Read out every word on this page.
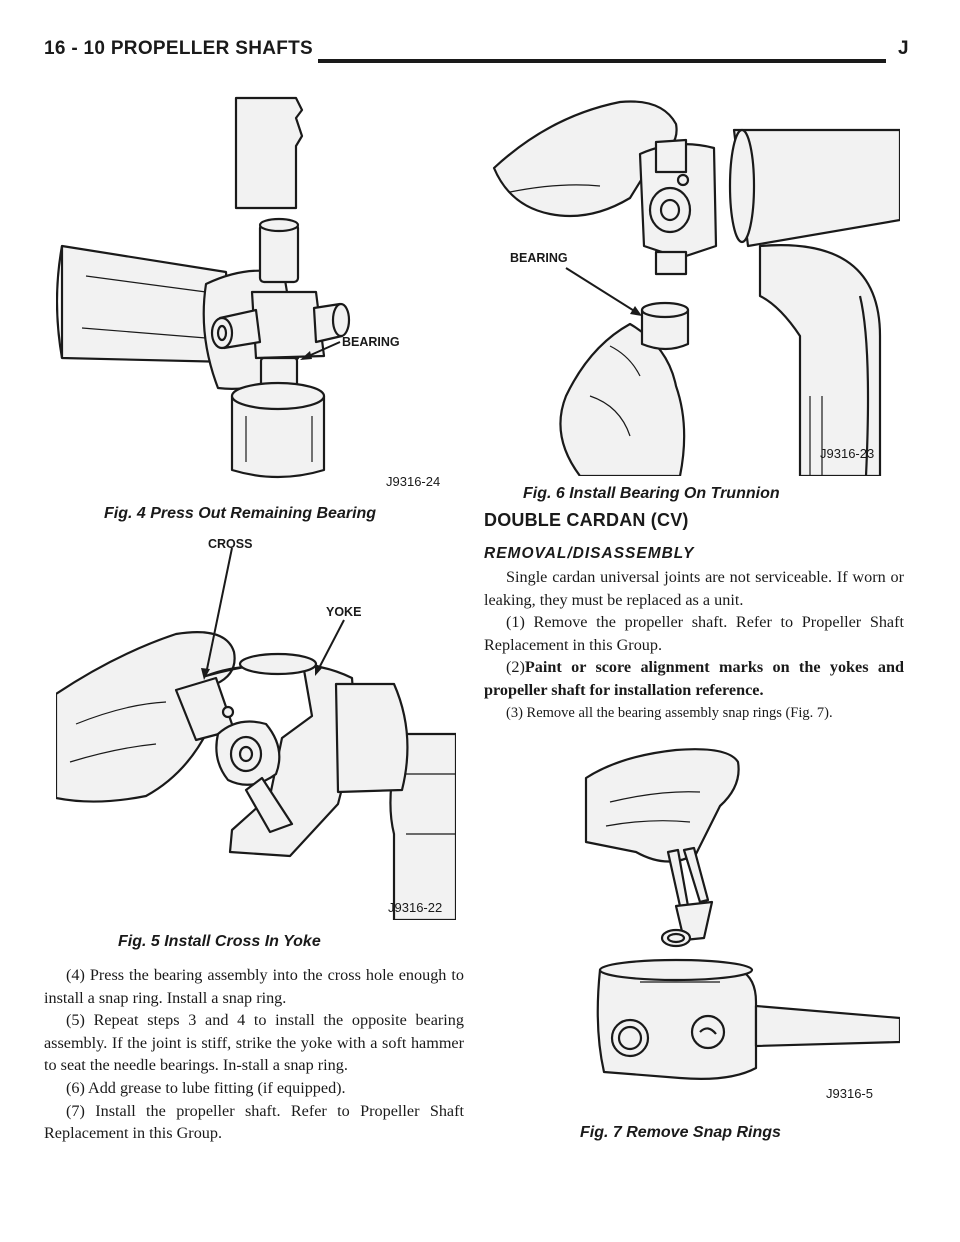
16 - 10 PROPELLER SHAFTS	J
BEARING
J9316-24
Fig. 4 Press Out Remaining Bearing
CROSS
YOKE
J9316-22
Fig. 5 Install Cross In Yoke

(4) Press the bearing assembly into the cross hole enough to install a snap ring. Install a snap ring.

(5) Repeat steps 3 and 4 to install the opposite bearing assembly. If the joint is stiff, strike the yoke with a soft hammer to seat the needle bearings. In-stall a snap ring.

(6) Add grease to lube fitting (if equipped).

(7) Install the propeller shaft. Refer to Propeller Shaft Replacement in this Group.

BEARING
J9316-23
Fig. 6 Install Bearing On Trunnion
DOUBLE CARDAN (CV)
REMOVAL/DISASSEMBLY

Single cardan universal joints are not serviceable. If worn or leaking, they must be replaced as a unit.

(1) Remove the propeller shaft. Refer to Propeller Shaft Replacement in this Group.

(2)Paint or score alignment marks on the yokes and propeller shaft for installation reference.

(3) Remove all the bearing assembly snap rings (Fig. 7).

J9316-5
Fig. 7 Remove Snap Rings
